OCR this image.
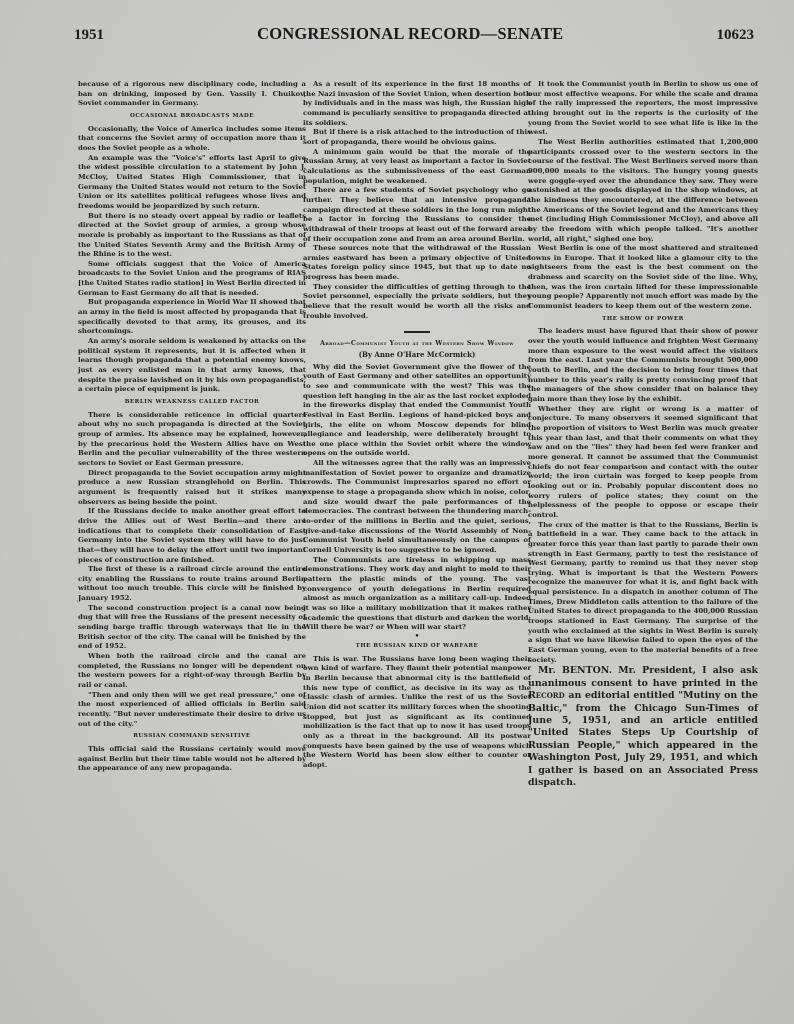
1951	CONGRESSIONAL RECORD—SENATE	10623

because of a rigorous new disciplinary code, including a ban on drinking, imposed by Gen. Vassily I. Chuikov, Soviet commander in Germany.

OCCASIONAL BROADCASTS MADE

Occasionally, the Voice of America includes some items that concerns the Soviet army of occupation more than it does the Soviet people as a whole.

An example was the "Voice's" efforts last April to give the widest possible circulation to a statement by John J. McCloy, United States High Commissioner, that in Germany the United States would not return to the Soviet Union or its satellites political refugees whose lives and freedoms would be jeopardized by such return.

But there is no steady overt appeal by radio or leaflets directed at the Soviet group of armies, a group whose morale is probably as important to the Russians as that of the United States Seventh Army and the British Army of the Rhine is to the west.

Some officials suggest that the Voice of America broadcasts to the Soviet Union and the programs of RIAS [the United States radio station] in West Berlin directed in German to East Germany do all that is needed.

But propaganda experience in World War II showed that an army in the field is most affected by propaganda that is specifically devoted to that army, its grouses, and its shortcomings.

An army's morale seldom is weakened by attacks on the political system it represents, but it is affected when it learns though propaganda that a potential enemy knows, just as every enlisted man in that army knows, that despite the praise lavished on it by his own propagandists, a certain piece of equipment is junk.

BERLIN WEAKNESS CALLED FACTOR

There is considerable reticence in official quarters about why no such propaganda is directed at the Soviet group of armies. Its absence may be explained, however, by the precarious hold the Western Allies have on West Berlin and the peculiar vulnerability of the three western sectors to Soviet or East German pressure.

Direct propaganda to the Soviet occupation army might produce a new Russian stranglehold on Berlin. This argument is frequently raised but it strikes many observers as being beside the point.

If the Russians decide to make another great effort to drive the Allies out of West Berlin—and there are indications that to complete their consolidation of East Germany into the Soviet system they will have to do just that—they will have to delay the effort until two important pieces of construction are finished.

The first of these is a railroad circle around the entire city enabling the Russians to route trains around Berlin without too much trouble. This circle will be finished by January 1952.

The second construction project is a canal now being dug that will free the Russians of the present necessity of sending barge traffic through waterways that lie in the British sector of the city. The canal will be finished by the end of 1952.

When both the railroad circle and the canal are completed, the Russians no longer will be dependent on the western powers for a right-of-way through Berlin by rail or canal.

"Then and only then will we get real pressure," one of the most experienced of allied officials in Berlin said recently. "But never underestimate their desire to drive us out of the city."

RUSSIAN COMMAND SENSITIVE

This official said the Russians certainly would move against Berlin but their time table would not be altered by the appearance of any new propaganda.

As a result of its experience in the first 18 months of the Nazi invasion of the Soviet Union, when desertion both by individuals and in the mass was high, the Russian high command is peculiarly sensitive to propaganda directed at its soldiers.

But if there is a risk attached to the introduction of this sort of propaganda, there would be obvious gains.

A minimum gain would be that the morale of the Russian Army, at very least as important a factor in Soviet calculations as the submissiveness of the east German population, might be weakened.

There are a few students of Soviet psychology who go further. They believe that an intensive propaganda campaign directed at these soldiers in the long run might be a factor in forcing the Russians to consider the withdrawal of their troops at least out of the forward areas of their occupation zone and from an area around Berlin.

These sources note that the withdrawal of the Russian armies eastward has been a primary objective of United States foreign policy since 1945, but that up to date no progress has been made.

They consider the difficulties of getting through to the Soviet personnel, especially the private soldiers, but they believe that the result would be worth all the risks and trouble involved.

Abroad—Communist Youth at the Western Show Window
(By Anne O'Hare McCormick)

Why did the Soviet Government give the flower of the youth of East Germany and other satellites an opportunity to see and communicate with the west? This was the question left hanging in the air as the last rocket exploded in the fireworks display that ended the Communist Youth Festival in East Berlin. Legions of hand-picked boys and girls, the elite on whom Moscow depends for blind allegiance and leadership, were deliberately brought to the one place within the Soviet orbit where the window opens on the outside world.

All the witnesses agree that the rally was an impressive manifestation of Soviet power to organize and dramatize crowds. The Communist impresarios spared no effort or expense to stage a propaganda show which in noise, color, and size would dwarf the pale performances of the democracies. The contrast between the thundering march-to-order of the millions in Berlin and the quiet, serious, give-and-take discussions of the World Assembly of Non-Communist Youth held simultaneously on the campus of Cornell University is too suggestive to be ignored.

The Communists are tireless in whipping up mass demonstrations. They work day and night to mold to their pattern the plastic minds of the young. The vast convergence of youth delegations in Berlin required almost as much organization as a military call-up. Indeed it was so like a military mobilization that it makes rather academic the questions that disturb and darken the world: Will there be war? or When will war start?

•
THE RUSSIAN KIND OF WARFARE

This is war. The Russians have long been waging their own kind of warfare. They flaunt their potential manpower in Berlin because that abnormal city is the battlefield of this new type of conflict, as decisive in its way as the classic clash of armies. Unlike the rest of us the Soviet Union did not scatter its military forces when the shooting stopped, but just as significant as its continued mobilization is the fact that up to now it has used troops only as a threat in the background. All its postwar conquests have been gained by the use of weapons which the Western World has been slow either to counter or adopt.

It took the Communist youth in Berlin to show us one of our most effective weapons. For while the scale and drama of the rally impressed the reporters, the most impressive thing brought out in the reports is the curiosity of the young from the Soviet world to see what life is like in the west.

The West Berlin authorities estimated that 1,200,000 participants crossed over to the western sectors in the course of the festival. The West Berliners served more than 900,000 meals to the visitors. The hungry young guests were goggle-eyed over the abundance they saw. They were astonished at the goods displayed in the shop windows, at the kindness they encountered, at the difference between the Americans of the Soviet legend and the Americans they met (including High Commissioner McCloy), and above all by the freedom with which people talked. "It's another world, all right," sighed one boy.

West Berlin is one of the most shattered and straitened towns in Europe. That it looked like a glamour city to the sightseers from the east is the best comment on the drabness and scarcity on the Soviet side of the line. Why, then, was the iron curtain lifted for these impressionable young people? Apparently not much effort was made by the Communist leaders to keep them out of the western zone.

THE SHOW OF POWER

The leaders must have figured that their show of power over the youth would influence and frighten West Germany more than exposure to the west would affect the visitors from the east. Last year the Communists brought 500,000 youth to Berlin, and the decision to bring four times that number to this year's rally is pretty convincing proof that the managers of the show consider that on balance they gain more than they lose by the exhibit.

Whether they are right or wrong is a matter of conjecture. To many observers it seemed significant that the proportion of visitors to West Berlin was much greater this year than last, and that their comments on what they saw and on the "lies" they had been fed were franker and more general. It cannot be assumed that the Communist chiefs do not fear comparison and contact with the outer world; the iron curtain was forged to keep people from looking out or in. Probably popular discontent does no worry rulers of police states; they count on the helplessness of the people to oppose or escape their control.

The crux of the matter is that to the Russians, Berlin is a battlefield in a war. They came back to the attack in greater force this year than last partly to parade their own strength in East Germany, partly to test the resistance of West Germany, partly to remind us that they never stop trying. What is important is that the Western Powers recognize the maneuver for what it is, and fight back with equal persistence. In a dispatch in another column of The Times, Drew Middleton calls attention to the failure of the United States to direct propaganda to the 400,000 Russian troops stationed in East Germany. The surprise of the youth who exclaimed at the sights in West Berlin is surely a sign that we have likewise failed to open the eyes of the East German young, even to the material benefits of a free society.

Mr. BENTON. Mr. President, I also ask unanimous consent to have printed in the Record an editorial entitled "Mutiny on the Baltic," from the Chicago Sun-Times of June 5, 1951, and an article entitled "United States Steps Up Courtship of Russian People," which appeared in the Washington Post, July 29, 1951, and which I gather is based on an Associated Press dispatch.
